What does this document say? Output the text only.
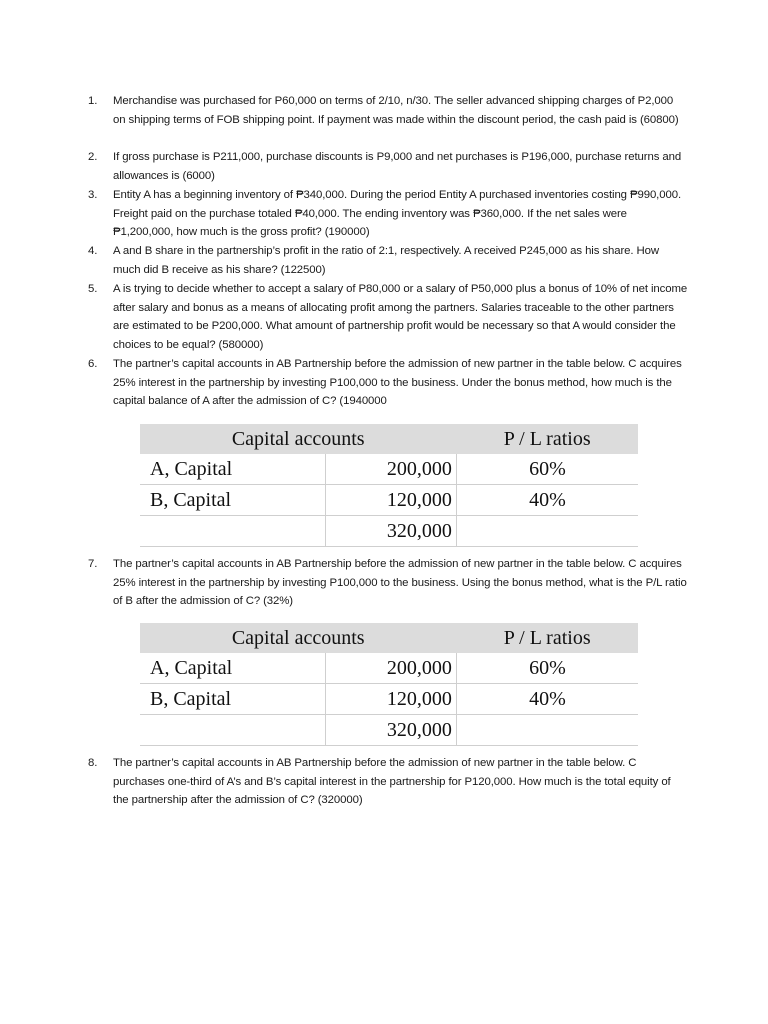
1.	Merchandise was purchased for P60,000 on terms of 2/10, n/30. The seller advanced shipping charges of P2,000 on shipping terms of FOB shipping point. If payment was made within the discount period, the cash paid is (60800)
2.	If gross purchase is P211,000, purchase discounts is P9,000 and net purchases is P196,000, purchase returns and allowances is (6000)
3.	Entity A has a beginning inventory of ₱340,000. During the period Entity A purchased inventories costing ₱990,000. Freight paid on the purchase totaled ₱40,000. The ending inventory was ₱360,000. If the net sales were ₱1,200,000, how much is the gross profit? (190000)
4.	A and B share in the partnership’s profit in the ratio of 2:1, respectively. A received P245,000 as his share. How much did B receive as his share? (122500)
5.	A is trying to decide whether to accept a salary of P80,000 or a salary of P50,000 plus a bonus of 10% of net income after salary and bonus as a means of allocating profit among the partners. Salaries traceable to the other partners are estimated to be P200,000. What amount of partnership profit would be necessary so that A would consider the choices to be equal? (580000)
6.	The partner’s capital accounts in AB Partnership before the admission of new partner in the table below. C acquires 25% interest in the partnership by investing P100,000 to the business. Under the bonus method, how much is the capital balance of A after the admission of C? (1940000
Capital accounts		P / L ratios
A, Capital	200,000	60%
B, Capital	120,000	40%
	320,000	
7.	The partner’s capital accounts in AB Partnership before the admission of new partner in the table below. C acquires 25% interest in the partnership by investing P100,000 to the business. Using the bonus method, what is the P/L ratio of B after the admission of C? (32%)
Capital accounts		P / L ratios
A, Capital	200,000	60%
B, Capital	120,000	40%
	320,000	
8.	The partner’s capital accounts in AB Partnership before the admission of new partner in the table below. C purchases one-third of A’s and B’s capital interest in the partnership for P120,000. How much is the total equity of the partnership after the admission of C? (320000)
